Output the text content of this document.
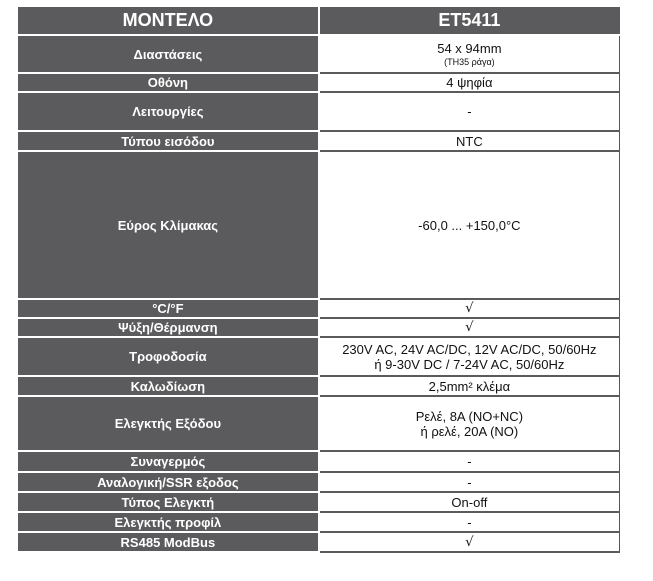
ΜΟΝΤΕΛΟ	ET5411
Διαστάσεις	54 x 94mm
(TH35 ράγα)

Οθόνη	4 ψηφία
Λειτουργίες	-
Τύπου εισόδου	NTC
Εύρος Κλίμακας	-60,0 ... +150,0°C
°C/°F	√
Ψύξη/Θέρμανση	√
Τροφοδοσία	230V AC, 24V AC/DC, 12V AC/DC, 50/60Hz
ή 9-30V DC / 7-24V AC, 50/60Hz

Καλωδίωση	2,5mm² κλέμα
Ελεγκτής Εξόδου	Ρελέ, 8A (NO+NC)
ή ρελέ, 20A (NO)

Συναγερμός	-
Αναλογική/SSR εξοδος	-
Τύπος Ελεγκτή	On-off
Ελεγκτής προφίλ	-
RS485 ModBus	√
